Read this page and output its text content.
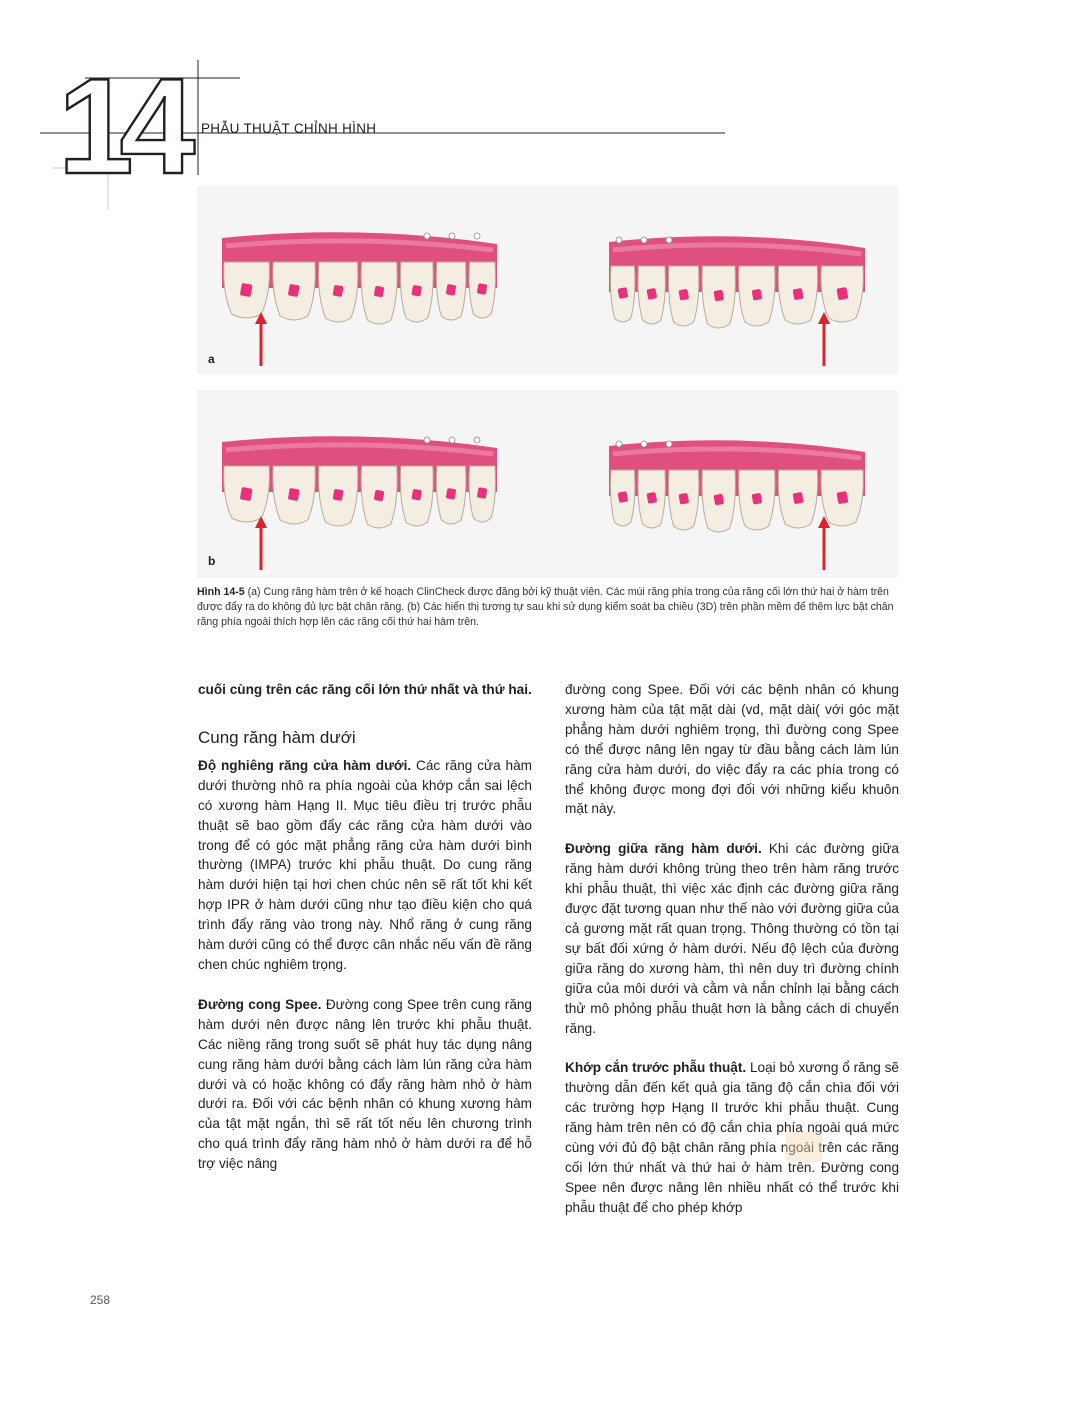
14 PHẪU THUẬT CHỈNH HÌNH
a
b
Hình 14-5 (a) Cung răng hàm trên ở kế hoạch ClinCheck được đăng bởi kỹ thuật viên. Các múi răng phía trong của răng cối lớn thứ hai ở hàm trên được đẩy ra do không đủ lực bật chân răng. (b) Các hiển thị tương tự sau khi sử dụng kiểm soát ba chiều (3D) trên phần mềm để thêm lực bật chân răng phía ngoài thích hợp lên các răng cối thứ hai hàm trên.

cuối cùng trên các răng cối lớn thứ nhất và thứ hai.

Cung răng hàm dưới

Độ nghiêng răng cửa hàm dưới. Các răng cửa hàm dưới thường nhô ra phía ngoài của khớp cắn sai lệch có xương hàm Hạng II. Mục tiêu điều trị trước phẫu thuật sẽ bao gồm đẩy các răng cửa hàm dưới vào trong để có góc mặt phẳng răng cửa hàm dưới bình thường (IMPA) trước khi phẫu thuật. Do cung răng hàm dưới hiện tại hơi chen chúc nên sẽ rất tốt khi kết hợp IPR ở hàm dưới cũng như tạo điều kiện cho quá trình đẩy răng vào trong này. Nhổ răng ở cung răng hàm dưới cũng có thể được cân nhắc nếu vấn đề răng chen chúc nghiêm trọng.

Đường cong Spee. Đường cong Spee trên cung răng hàm dưới nên được nâng lên trước khi phẫu thuật. Các niềng răng trong suốt sẽ phát huy tác dụng nâng cung răng hàm dưới bằng cách làm lún răng cửa hàm dưới và có hoặc không có đẩy răng hàm nhỏ ở hàm dưới ra. Đối với các bệnh nhân có khung xương hàm của tật mặt ngắn, thì sẽ rất tốt nếu lên chương trình cho quá trình đẩy răng hàm nhỏ ở hàm dưới ra để hỗ trợ việc nâng

đường cong Spee. Đối với các bệnh nhân có khung xương hàm của tật mặt dài (vd, mặt dài( với góc mặt phẳng hàm dưới nghiêm trọng, thì đường cong Spee có thể được nâng lên ngay từ đầu bằng cách làm lún răng cửa hàm dưới, do việc đẩy ra các phía trong có thể không được mong đợi đối với những kiểu khuôn mặt này.

Đường giữa răng hàm dưới. Khi các đường giữa răng hàm dưới không trùng theo trên hàm răng trước khi phẫu thuật, thì việc xác định các đường giữa răng được đặt tương quan như thế nào với đường giữa của cả gương mặt rất quan trọng. Thông thường có tồn tại sự bất đối xứng ở hàm dưới. Nếu độ lệch của đường giữa răng do xương hàm, thì nên duy trì đường chính giữa của môi dưới và cằm và nắn chỉnh lại bằng cách thử mô phỏng phẫu thuật hơn là bằng cách di chuyển răng.

Khớp cắn trước phẫu thuật. Loại bỏ xương ổ răng sẽ thường dẫn đến kết quả gia tăng độ cắn chìa đối với các trường hợp Hạng II trước khi phẫu thuật. Cung răng hàm trên nên có độ cắn chìa phía ngoài quá mức cùng với đủ độ bật chân răng phía ngoài trên các răng cối lớn thứ nhất và thứ hai ở hàm trên. Đường cong Spee nên được nâng lên nhiều nhất có thể trước khi phẫu thuật để cho phép khớp

258
